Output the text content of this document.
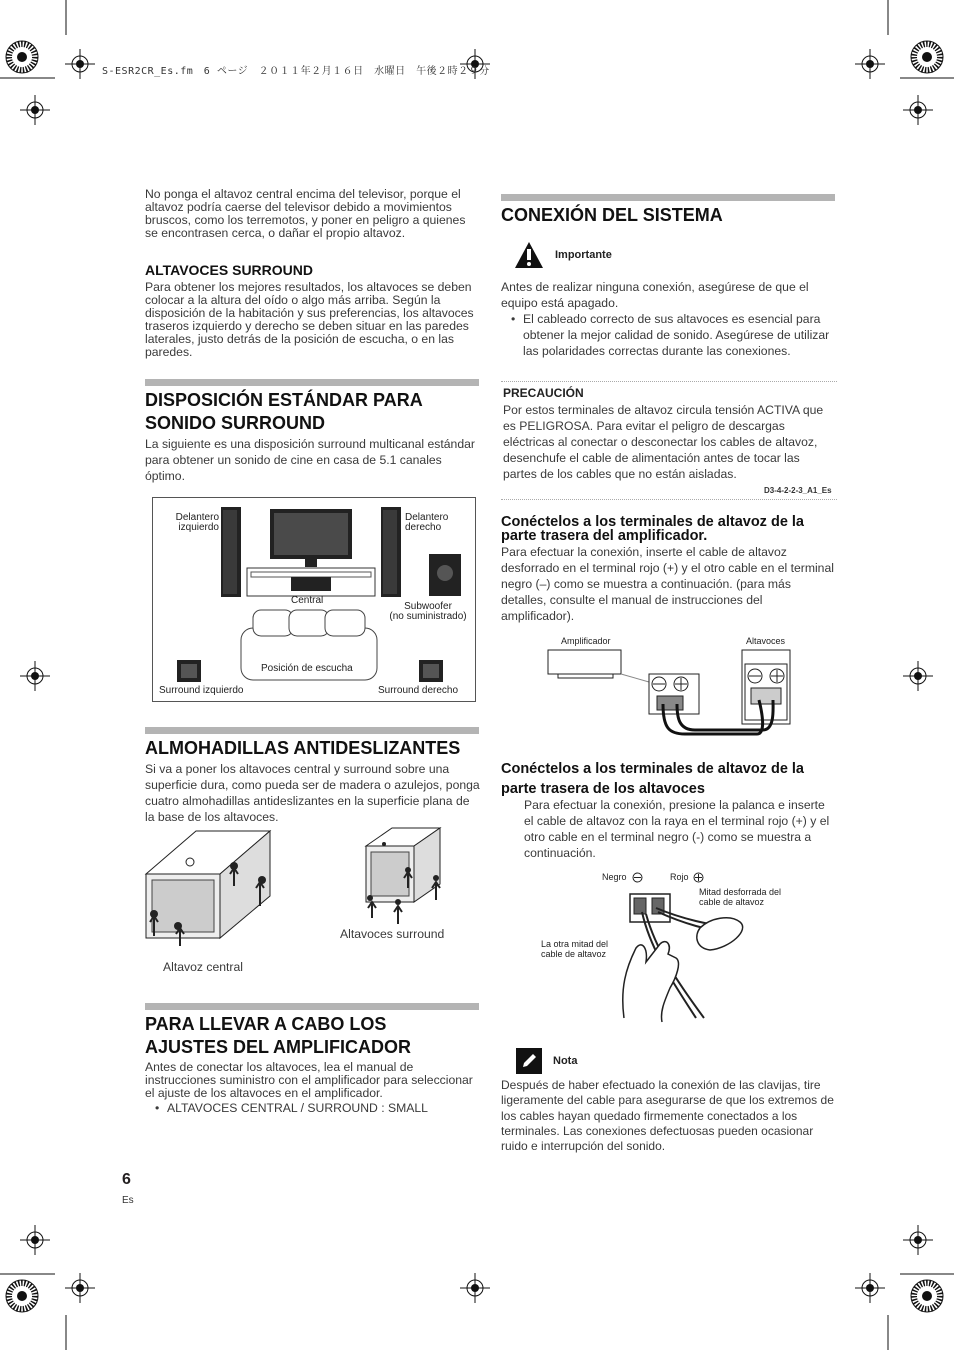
S-ESR2CR_Es.fm　6 ページ　２０１１年２月１６日　水曜日　午後２時２９分
No ponga el altavoz central encima del televisor, porque el altavoz podría caerse del televisor debido a movimientos bruscos, como los terremotos, y poner en peligro a quienes se encontrasen cerca, o dañar el propio altavoz.
ALTAVOCES SURROUND
Para obtener los mejores resultados, los altavoces se deben colocar a la altura del oído o algo más arriba. Según la disposición de la habitación y sus preferencias, los altavoces traseros izquierdo y derecho se deben situar en las paredes laterales, justo detrás de la posición de escucha, o en las paredes.
DISPOSICIÓN ESTÁNDAR PARA SONIDO SURROUND
La siguiente es una disposición surround multicanal estándar para obtener un sonido de cine en casa de 5.1 canales óptimo.
Delantero
izquierdo
Delantero
derecho
Central
Subwoofer
(no suministrado)
Posición de escucha
Surround izquierdo	Surround derecho
ALMOHADILLAS ANTIDESLIZANTES
Si va a poner los altavoces central y surround sobre una superficie dura, como pueda ser de madera o azulejos, ponga cuatro almohadillas antideslizantes en la superficie plana de la base de los altavoces.
Altavoces surround
Altavoz central
PARA LLEVAR A CABO LOS AJUSTES DEL AMPLIFICADOR
Antes de conectar los altavoces, lea el manual de instrucciones suministro con el amplificador para seleccionar el ajuste de los altavoces en el amplificador.
• ALTAVOCES CENTRAL / SURROUND : SMALL
6
Es
CONEXIÓN DEL SISTEMA
Importante
Antes de realizar ninguna conexión, asegúrese de que el equipo está apagado.
• El cableado correcto de sus altavoces es esencial para obtener la mejor calidad de sonido. Asegúrese de utilizar las polaridades correctas durante las conexiones.
PRECAUCIÓN
Por estos terminales de altavoz circula tensión ACTIVA que es PELIGROSA. Para evitar el peligro de descargas eléctricas al conectar o desconectar los cables de altavoz, desenchufe el cable de alimentación antes de tocar las partes de los cables que no están aisladas.
D3-4-2-2-3_A1_Es
Conéctelos a los terminales de altavoz de la parte trasera del amplificador.
Para efectuar la conexión, inserte el cable de altavoz desforrado en el terminal rojo (+) y el otro cable en el terminal negro (–) como se muestra a continuación. (para más detalles, consulte el manual de instrucciones del amplificador).
Amplificador	Altavoces
Conéctelos a los terminales de altavoz de la parte trasera de los altavoces
Para efectuar la conexión, presione la palanca e inserte el cable de altavoz con la raya en el terminal rojo (+) y el otro cable en el terminal negro (-) como se muestra a continuación.
Negro	Rojo
Mitad desforrada del
cable de altavoz
La otra mitad del
cable de altavoz
Nota
Después de haber efectuado la conexión de las clavijas, tire ligeramente del cable para asegurarse de que los extremos de los cables hayan quedado firmemente conectados a los terminales. Las conexiones defectuosas pueden ocasionar ruido e interrupción del sonido.
